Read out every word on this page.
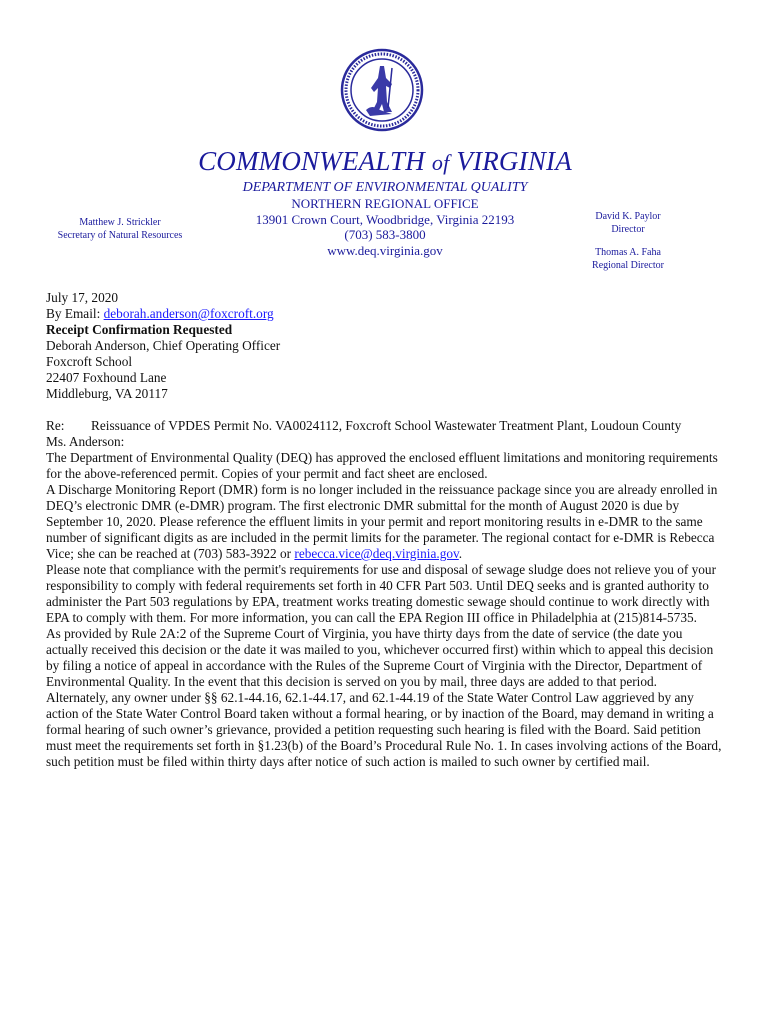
COMMONWEALTH of VIRGINIA
DEPARTMENT OF ENVIRONMENTAL QUALITY
NORTHERN REGIONAL OFFICE
13901 Crown Court, Woodbridge, Virginia 22193
(703) 583-3800
www.deq.virginia.gov
Matthew J. Strickler
Secretary of Natural Resources
David K. Paylor
Director
Thomas A. Faha
Regional Director

July 17, 2020

By Email: deborah.anderson@foxcroft.org

Receipt Confirmation Requested

Deborah Anderson, Chief Operating Officer

Foxcroft School

22407 Foxhound Lane

Middleburg, VA 20117

Re:	Reissuance of VPDES Permit No. VA0024112, Foxcroft School Wastewater Treatment Plant, Loudoun County

Ms. Anderson:

The Department of Environmental Quality (DEQ) has approved the enclosed effluent limitations and monitoring requirements for the above-referenced permit. Copies of your permit and fact sheet are enclosed.

A Discharge Monitoring Report (DMR) form is no longer included in the reissuance package since you are already enrolled in DEQ’s electronic DMR (e-DMR) program. The first electronic DMR submittal for the month of August 2020 is due by September 10, 2020. Please reference the effluent limits in your permit and report monitoring results in e-DMR to the same number of significant digits as are included in the permit limits for the parameter. The regional contact for e-DMR is Rebecca Vice; she can be reached at (703) 583-3922 or rebecca.vice@deq.virginia.gov.

Please note that compliance with the permit's requirements for use and disposal of sewage sludge does not relieve you of your responsibility to comply with federal requirements set forth in 40 CFR Part 503. Until DEQ seeks and is granted authority to administer the Part 503 regulations by EPA, treatment works treating domestic sewage should continue to work directly with EPA to comply with them. For more information, you can call the EPA Region III office in Philadelphia at (215)814-5735.

As provided by Rule 2A:2 of the Supreme Court of Virginia, you have thirty days from the date of service (the date you actually received this decision or the date it was mailed to you, whichever occurred first) within which to appeal this decision by filing a notice of appeal in accordance with the Rules of the Supreme Court of Virginia with the Director, Department of Environmental Quality. In the event that this decision is served on you by mail, three days are added to that period.

Alternately, any owner under §§ 62.1-44.16, 62.1-44.17, and 62.1-44.19 of the State Water Control Law aggrieved by any action of the State Water Control Board taken without a formal hearing, or by inaction of the Board, may demand in writing a formal hearing of such owner’s grievance, provided a petition requesting such hearing is filed with the Board. Said petition must meet the requirements set forth in §1.23(b) of the Board’s Procedural Rule No. 1. In cases involving actions of the Board, such petition must be filed within thirty days after notice of such action is mailed to such owner by certified mail.
